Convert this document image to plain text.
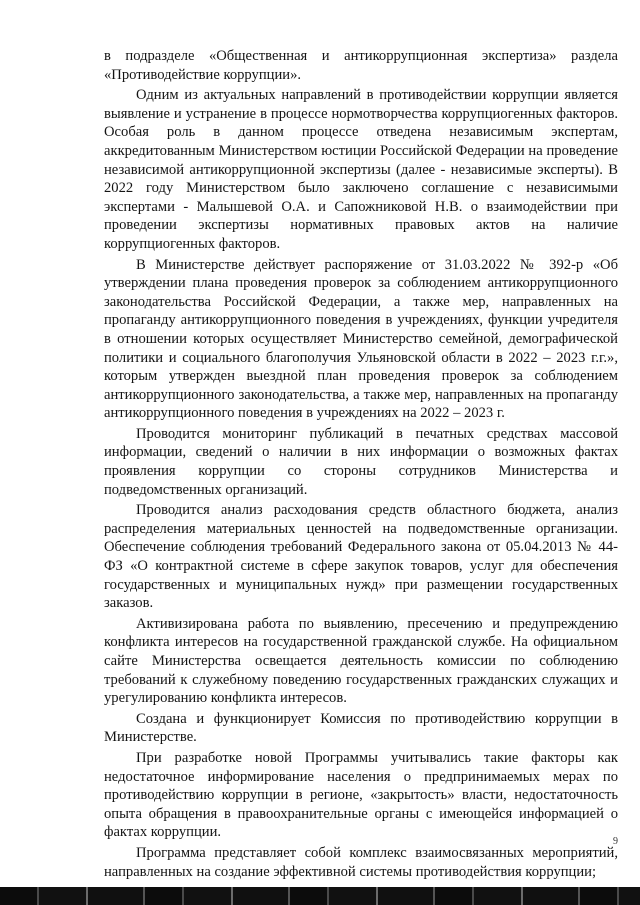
в подразделе «Общественная и антикоррупционная экспертиза» раздела «Противодействие коррупции».

Одним из актуальных направлений в противодействии коррупции является выявление и устранение в процессе нормотворчества коррупциогенных факторов. Особая роль в данном процессе отведена независимым экспертам, аккредитованным Министерством юстиции Российской Федерации на проведение независимой антикоррупционной экспертизы (далее - независимые эксперты). В 2022 году Министерством было заключено соглашение с независимыми экспертами - Малышевой О.А. и Сапожниковой Н.В. о взаимодействии при проведении экспертизы нормативных правовых актов на наличие коррупциогенных факторов.

В Министерстве действует распоряжение от 31.03.2022 № 392-р «Об утверждении плана проведения проверок за соблюдением антикоррупционного законодательства Российской Федерации, а также мер, направленных на пропаганду антикоррупционного поведения в учреждениях, функции учредителя в отношении которых осуществляет Министерство семейной, демографической политики и социального благополучия Ульяновской области в 2022 – 2023 г.г.», которым утвержден выездной план проведения проверок за соблюдением антикоррупционного законодательства, а также мер, направленных на пропаганду антикоррупционного поведения в учреждениях на 2022 – 2023 г.

Проводится мониторинг публикаций в печатных средствах массовой информации, сведений о наличии в них информации о возможных фактах проявления коррупции со стороны сотрудников Министерства и подведомственных организаций.

Проводится анализ расходования средств областного бюджета, анализ распределения материальных ценностей на подведомственные организации. Обеспечение соблюдения требований Федерального закона от 05.04.2013 № 44-ФЗ «О контрактной системе в сфере закупок товаров, услуг для обеспечения государственных и муниципальных нужд» при размещении государственных заказов.

Активизирована работа по выявлению, пресечению и предупреждению конфликта интересов на государственной гражданской службе. На официальном сайте Министерства освещается деятельность комиссии по соблюдению требований к служебному поведению государственных гражданских служащих и урегулированию конфликта интересов.

Создана и функционирует Комиссия по противодействию коррупции в Министерстве.

При разработке новой Программы учитывались такие факторы как недостаточное информирование населения о предпринимаемых мерах по противодействию коррупции в регионе, «закрытость» власти, недостаточность опыта обращения в правоохранительные органы с имеющейся информацией о фактах коррупции.

Программа представляет собой комплекс взаимосвязанных мероприятий, направленных на создание эффективной системы противодействия коррупции;

9
